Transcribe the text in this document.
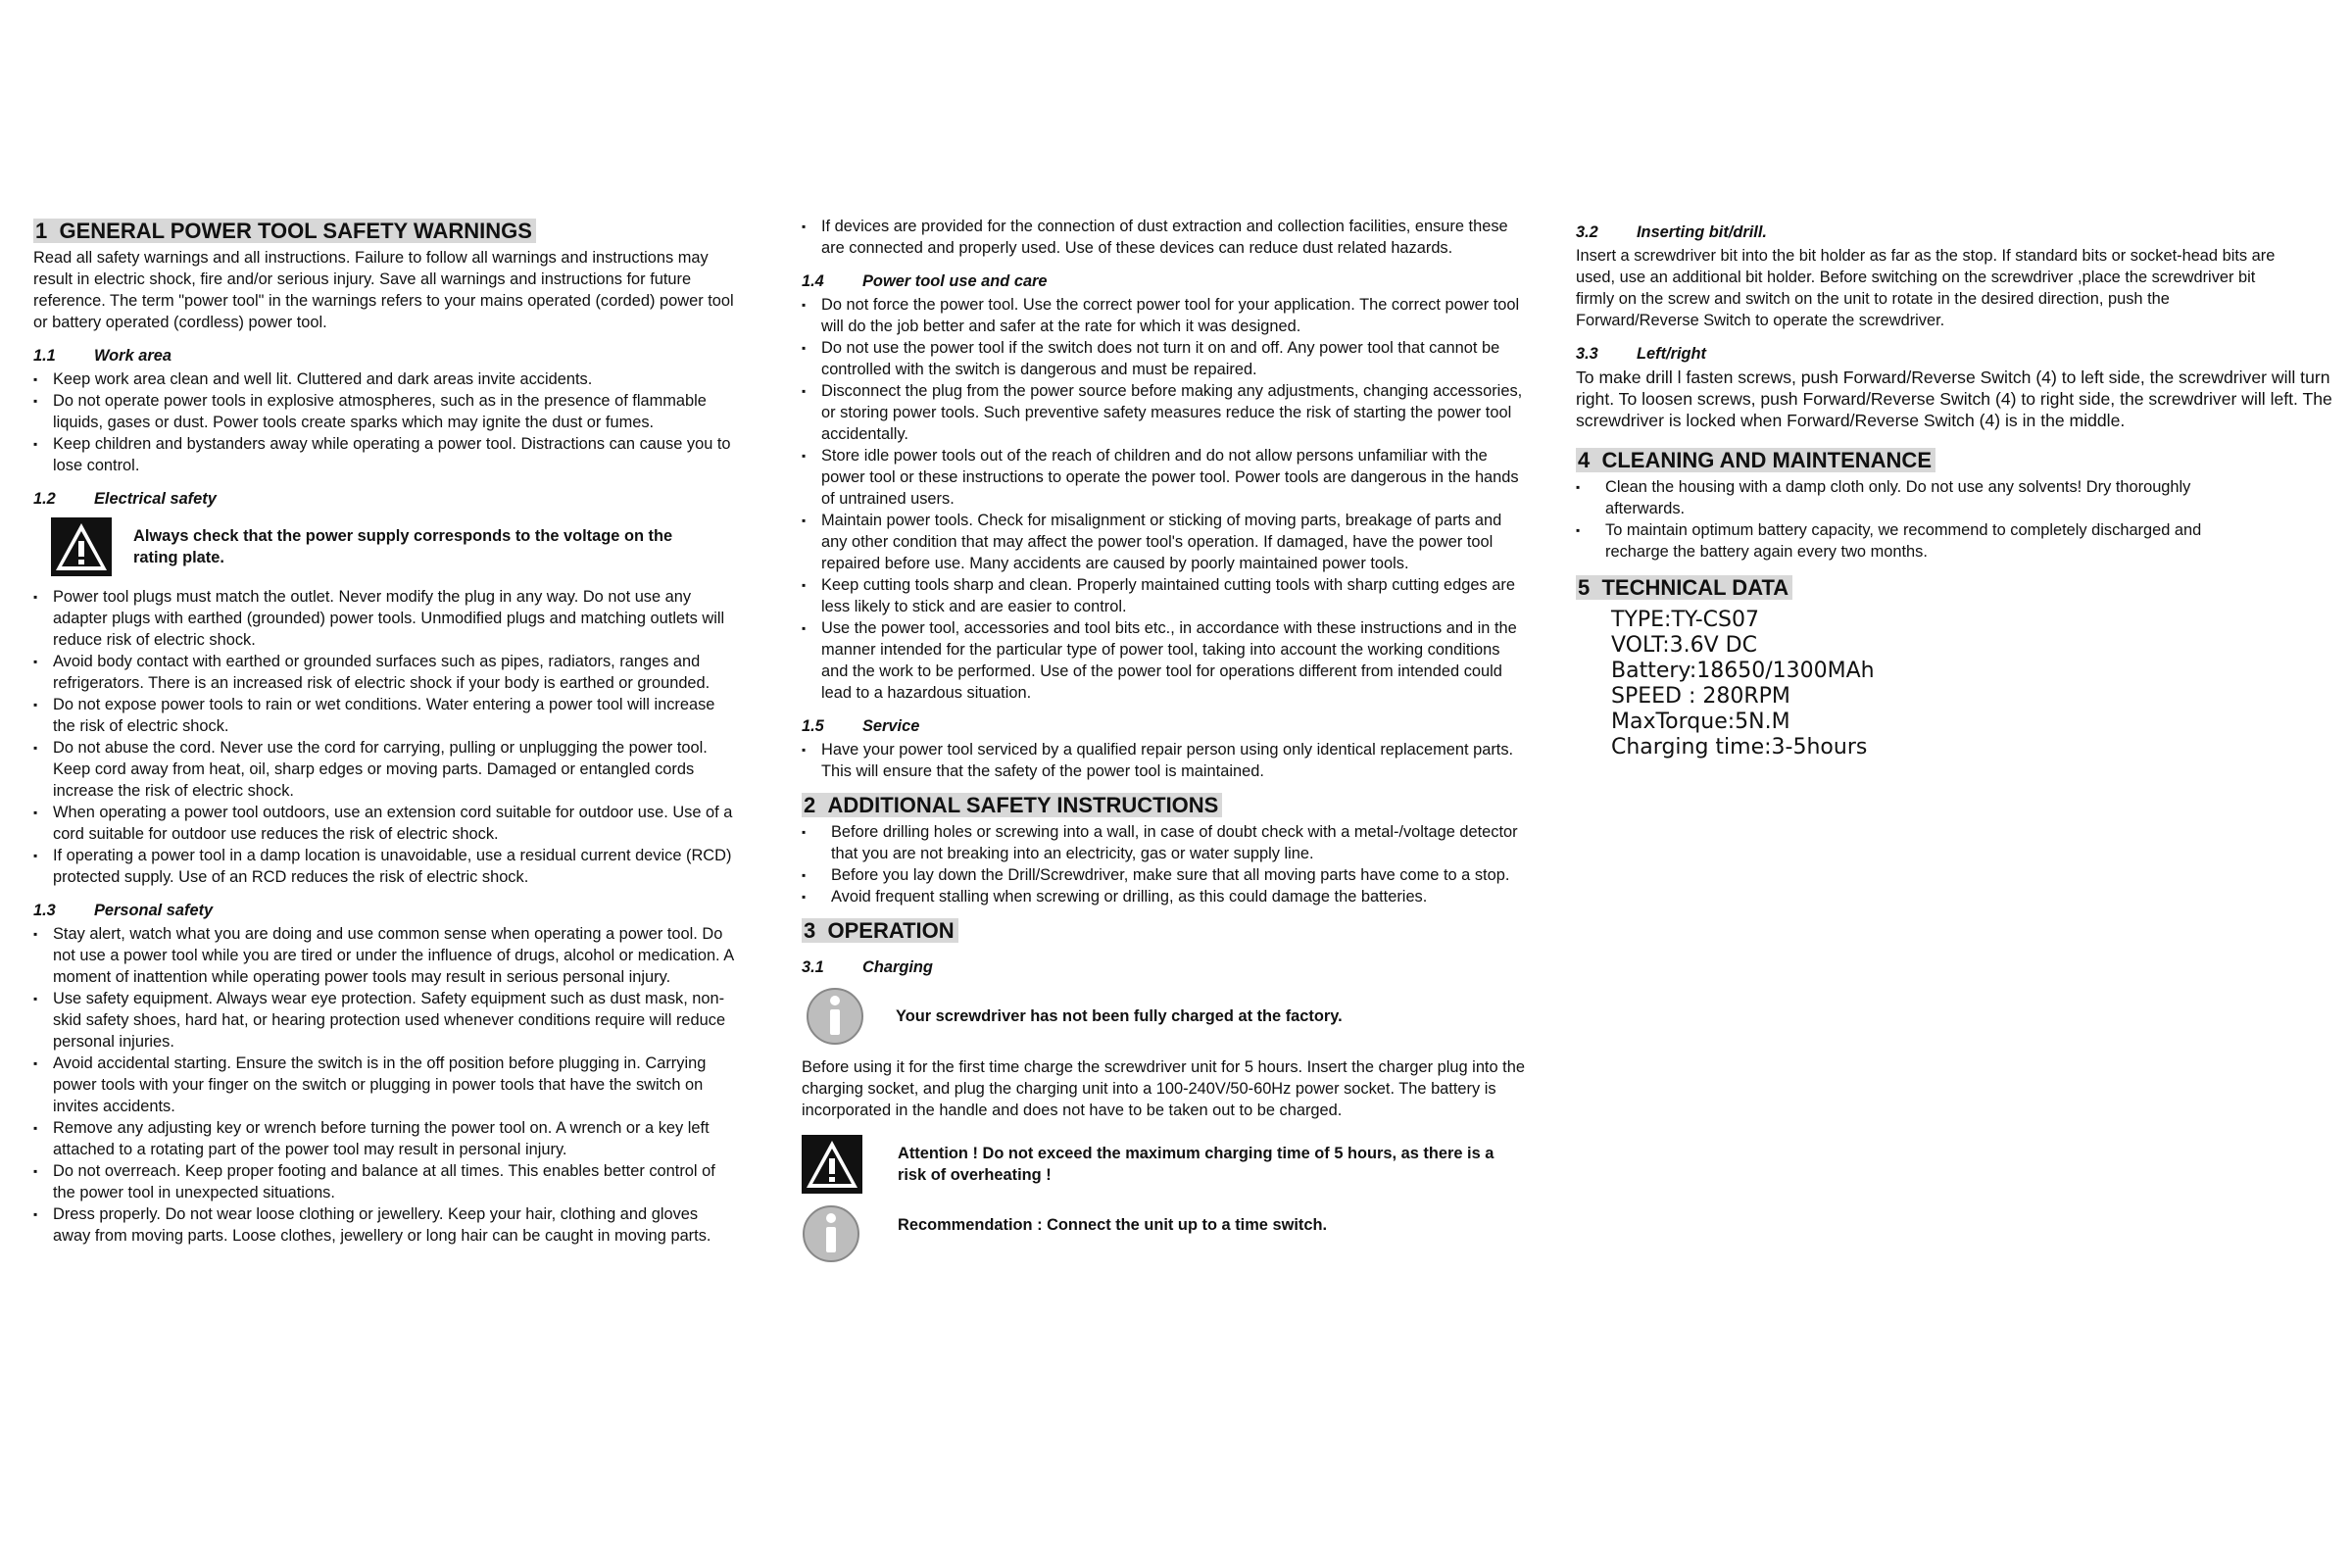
1 GENERAL POWER TOOL SAFETY WARNINGS

Read all safety warnings and all instructions. Failure to follow all warnings and instructions may result in electric shock, fire and/or serious injury. Save all warnings and instructions for future reference. The term "power tool" in the warnings refers to your mains operated (corded) power tool or battery operated (cordless) power tool.

1.1 Work area
▪ Keep work area clean and well lit. Cluttered and dark areas invite accidents.
▪ Do not operate power tools in explosive atmospheres, such as in the presence of flammable liquids, gases or dust. Power tools create sparks which may ignite the dust or fumes.
▪ Keep children and bystanders away while operating a power tool. Distractions can cause you to lose control.
1.2 Electrical safety
Always check that the power supply corresponds to the voltage on the rating plate.
▪ Power tool plugs must match the outlet. Never modify the plug in any way. Do not use any adapter plugs with earthed (grounded) power tools. Unmodified plugs and matching outlets will reduce risk of electric shock.
▪ Avoid body contact with earthed or grounded surfaces such as pipes, radiators, ranges and refrigerators. There is an increased risk of electric shock if your body is earthed or grounded.
▪ Do not expose power tools to rain or wet conditions. Water entering a power tool will increase the risk of electric shock.
▪ Do not abuse the cord. Never use the cord for carrying, pulling or unplugging the power tool. Keep cord away from heat, oil, sharp edges or moving parts. Damaged or entangled cords increase the risk of electric shock.
▪ When operating a power tool outdoors, use an extension cord suitable for outdoor use. Use of a cord suitable for outdoor use reduces the risk of electric shock.
▪ If operating a power tool in a damp location is unavoidable, use a residual current device (RCD) protected supply. Use of an RCD reduces the risk of electric shock.
1.3 Personal safety
▪ Stay alert, watch what you are doing and use common sense when operating a power tool. Do not use a power tool while you are tired or under the influence of drugs, alcohol or medication. A moment of inattention while operating power tools may result in serious personal injury.
▪ Use safety equipment. Always wear eye protection. Safety equipment such as dust mask, non-skid safety shoes, hard hat, or hearing protection used whenever conditions require will reduce personal injuries.
▪ Avoid accidental starting. Ensure the switch is in the off position before plugging in. Carrying power tools with your finger on the switch or plugging in power tools that have the switch on invites accidents.
▪ Remove any adjusting key or wrench before turning the power tool on. A wrench or a key left attached to a rotating part of the power tool may result in personal injury.
▪ Do not overreach. Keep proper footing and balance at all times. This enables better control of the power tool in unexpected situations.
▪ Dress properly. Do not wear loose clothing or jewellery. Keep your hair, clothing and gloves away from moving parts. Loose clothes, jewellery or long hair can be caught in moving parts.
▪ If devices are provided for the connection of dust extraction and collection facilities, ensure these are connected and properly used. Use of these devices can reduce dust related hazards.
1.4 Power tool use and care
▪ Do not force the power tool. Use the correct power tool for your application. The correct power tool will do the job better and safer at the rate for which it was designed.
▪ Do not use the power tool if the switch does not turn it on and off. Any power tool that cannot be controlled with the switch is dangerous and must be repaired.
▪ Disconnect the plug from the power source before making any adjustments, changing accessories, or storing power tools. Such preventive safety measures reduce the risk of starting the power tool accidentally.
▪ Store idle power tools out of the reach of children and do not allow persons unfamiliar with the power tool or these instructions to operate the power tool. Power tools are dangerous in the hands of untrained users.
▪ Maintain power tools. Check for misalignment or sticking of moving parts, breakage of parts and any other condition that may affect the power tool's operation. If damaged, have the power tool repaired before use. Many accidents are caused by poorly maintained power tools.
▪ Keep cutting tools sharp and clean. Properly maintained cutting tools with sharp cutting edges are less likely to stick and are easier to control.
▪ Use the power tool, accessories and tool bits etc., in accordance with these instructions and in the manner intended for the particular type of power tool, taking into account the working conditions and the work to be performed. Use of the power tool for operations different from intended could lead to a hazardous situation.
1.5 Service
▪ Have your power tool serviced by a qualified repair person using only identical replacement parts. This will ensure that the safety of the power tool is maintained.
2 ADDITIONAL SAFETY INSTRUCTIONS
▪ Before drilling holes or screwing into a wall, in case of doubt check with a metal-/voltage detector that you are not breaking into an electricity, gas or water supply line.
▪ Before you lay down the Drill/Screwdriver, make sure that all moving parts have come to a stop.
▪ Avoid frequent stalling when screwing or drilling, as this could damage the batteries.
3 OPERATION
3.1 Charging
Your screwdriver has not been fully charged at the factory.

Before using it for the first time charge the screwdriver unit for 5 hours. Insert the charger plug into the charging socket, and plug the charging unit into a 100-240V/50-60Hz power socket. The battery is incorporated in the handle and does not have to be taken out to be charged.

Attention ! Do not exceed the maximum charging time of 5 hours, as there is a risk of overheating !
Recommendation : Connect the unit up to a time switch.
3.2 Inserting bit/drill.

Insert a screwdriver bit into the bit holder as far as the stop. If standard bits or socket-head bits are used, use an additional bit holder. Before switching on the screwdriver ,place the screwdriver bit firmly on the screw and switch on the unit to rotate in the desired direction, push the Forward/Reverse Switch to operate the screwdriver.

3.3 Left/right

To make drill l fasten screws, push Forward/Reverse Switch (4) to left side, the screwdriver will turn right. To loosen screws, push Forward/Reverse Switch (4) to right side, the screwdriver will left. The screwdriver is locked when Forward/Reverse Switch (4) is in the middle.

4 CLEANING AND MAINTENANCE
▪ Clean the housing with a damp cloth only. Do not use any solvents! Dry thoroughly afterwards.
▪ To maintain optimum battery capacity, we recommend to completely discharged and recharge the battery again every two months.
5 TECHNICAL DATA
TYPE:TY-CS07
VOLT:3.6V DC
Battery:18650/1300MAh
SPEED : 280RPM
MaxTorque:5N.M
Charging time:3-5hours
